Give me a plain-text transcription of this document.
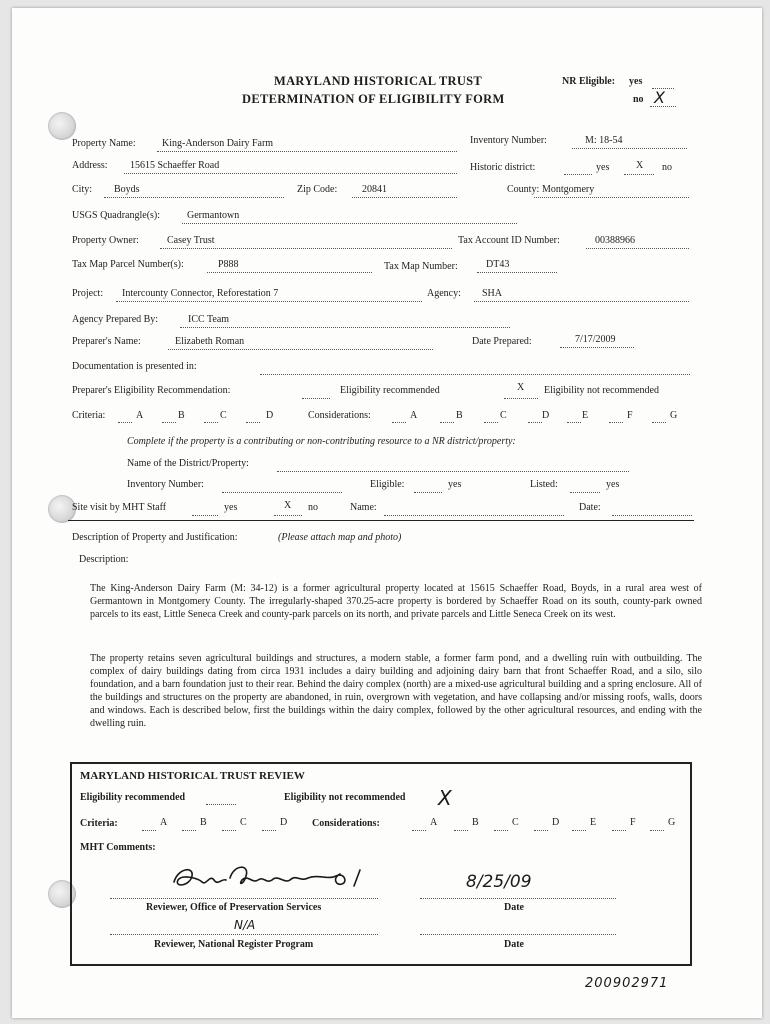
MARYLAND HISTORICAL TRUST
DETERMINATION OF ELIGIBILITY FORM
NR Eligible: yes
no X
Property Name:	King-Anderson Dairy Farm	Inventory Number:	M: 18-54
Address: 15615 Schaeffer Road	Historic district:	yes	X no
City: Boyds	Zip Code: 20841	County: Montgomery
USGS Quadrangle(s):	Germantown
Property Owner:	Casey Trust	Tax Account ID Number:	00388966
Tax Map Parcel Number(s):	P888	Tax Map Number:	DT43
Project: Intercounty Connector, Reforestation 7	Agency: SHA
Agency Prepared By:	ICC Team
Preparer's Name:	Elizabeth Roman	Date Prepared:	7/17/2009
Documentation is presented in:
Preparer's Eligibility Recommendation:	Eligibility recommended	X Eligibility not recommended
Criteria:	A	B	C	D	Considerations:	A	B	C	D	E	F	G
Complete if the property is a contributing or non-contributing resource to a NR district/property:
Name of the District/Property:
Inventory Number:	Eligible:	yes	Listed:	yes
Site visit by MHT Staff	yes	X no	Name:	Date:
Description of Property and Justification:	(Please attach map and photo)
Description:
The King-Anderson Dairy Farm (M: 34-12) is a former agricultural property located at 15615 Schaeffer Road, Boyds, in a rural area west of Germantown in Montgomery County. The irregularly-shaped 370.25-acre property is bordered by Schaeffer Road on its south, county-park owned parcels to its east, Little Seneca Creek and county-park parcels on its north, and private parcels and Little Seneca Creek on its west.
The property retains seven agricultural buildings and structures, a modern stable, a former farm pond, and a dwelling ruin with outbuilding. The complex of dairy buildings dating from circa 1931 includes a dairy building and adjoining dairy barn that front Schaeffer Road, and a silo, silo foundation, and a barn foundation just to their rear. Behind the dairy complex (north) are a mixed-use agricultural building and a spring enclosure. All of the buildings and structures on the property are abandoned, in ruin, overgrown with vegetation, and have collapsing and/or missing roofs, walls, doors and windows. Each is described below, first the buildings within the dairy complex, followed by the other agricultural resources, and ending with the dwelling ruin.
MARYLAND HISTORICAL TRUST REVIEW
Eligibility recommended	Eligibility not recommended X
Criteria:	A	B	C	D Considerations:	A	B	C	D	E	F	G
MHT Comments:
8/25/09
Reviewer, Office of Preservation Services	Date
N/A
Reviewer, National Register Program	Date
200902971
